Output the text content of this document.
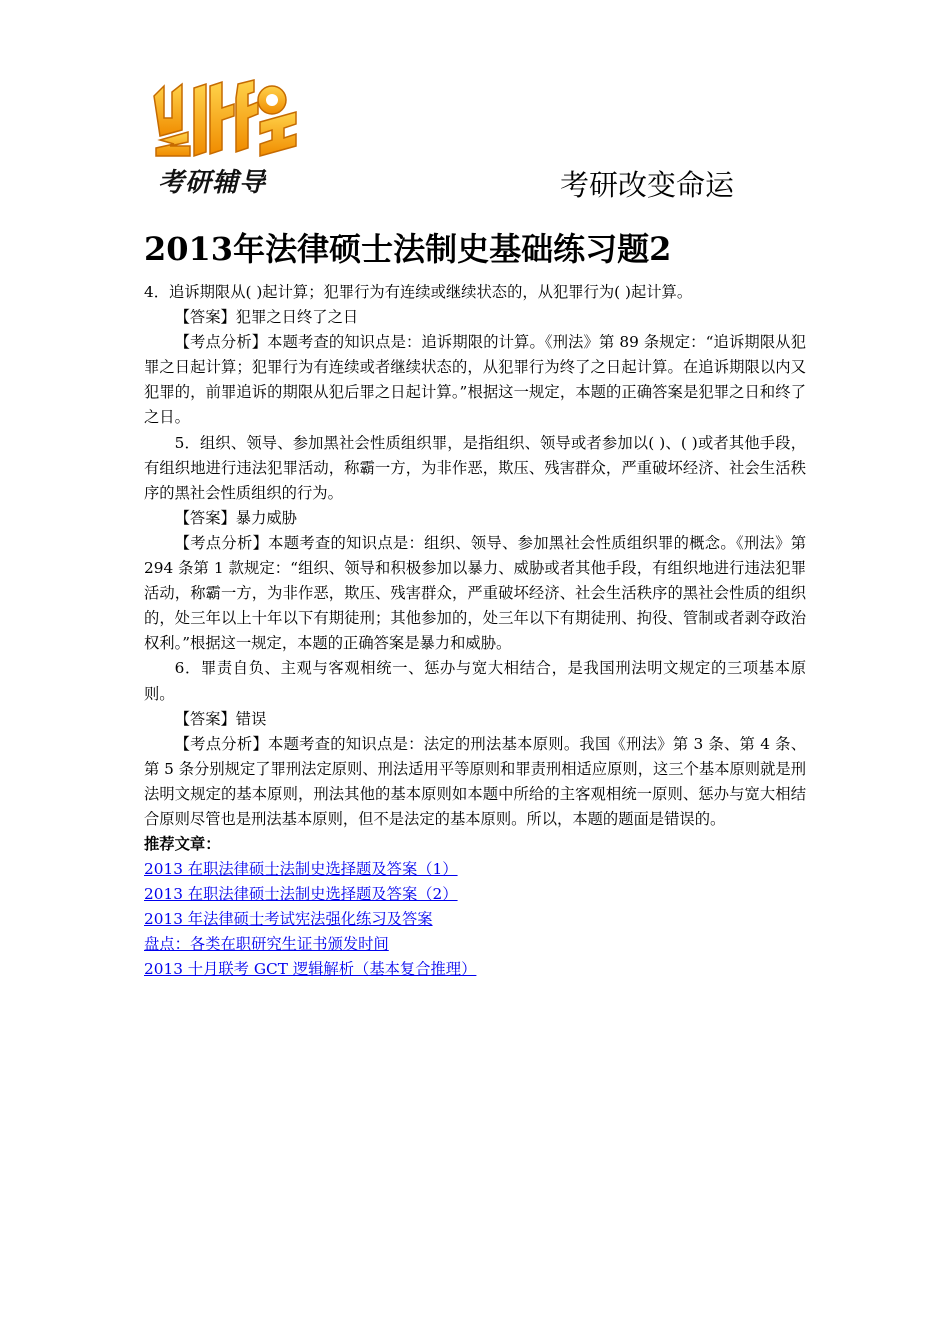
考研辅导	考研改变命运
2013年法律硕士法制史基础练习题2

4．追诉期限从( )起计算；犯罪行为有连续或继续状态的，从犯罪行为( )起计算。

【答案】犯罪之日终了之日

【考点分析】本题考查的知识点是：追诉期限的计算。《刑法》第 89 条规定：“追诉期限从犯罪之日起计算；犯罪行为有连续或者继续状态的，从犯罪行为终了之日起计算。在追诉期限以内又犯罪的，前罪追诉的期限从犯后罪之日起计算。”根据这一规定，本题的正确答案是犯罪之日和终了之日。

5．组织、领导、参加黑社会性质组织罪，是指组织、领导或者参加以( )、( )或者其他手段，有组织地进行违法犯罪活动，称霸一方，为非作恶，欺压、残害群众，严重破坏经济、社会生活秩序的黑社会性质组织的行为。

【答案】暴力威胁

【考点分析】本题考查的知识点是：组织、领导、参加黑社会性质组织罪的概念。《刑法》第 294 条第 1 款规定：“组织、领导和积极参加以暴力、威胁或者其他手段，有组织地进行违法犯罪活动，称霸一方，为非作恶，欺压、残害群众，严重破坏经济、社会生活秩序的黑社会性质的组织的，处三年以上十年以下有期徒刑；其他参加的，处三年以下有期徒刑、拘役、管制或者剥夺政治权利。”根据这一规定，本题的正确答案是暴力和威胁。

6．罪责自负、主观与客观相统一、惩办与宽大相结合，是我国刑法明文规定的三项基本原则。

【答案】错误

【考点分析】本题考查的知识点是：法定的刑法基本原则。我国《刑法》第 3 条、第 4 条、第 5 条分别规定了罪刑法定原则、刑法适用平等原则和罪责刑相适应原则，这三个基本原则就是刑法明文规定的基本原则，刑法其他的基本原则如本题中所给的主客观相统一原则、惩办与宽大相结合原则尽管也是刑法基本原则，但不是法定的基本原则。所以，本题的题面是错误的。

推荐文章：

2013 在职法律硕士法制史选择题及答案（1）
2013 在职法律硕士法制史选择题及答案（2）
2013 年法律硕士考试宪法强化练习及答案
盘点：各类在职研究生证书颁发时间
2013 十月联考 GCT 逻辑解析（基本复合推理）
